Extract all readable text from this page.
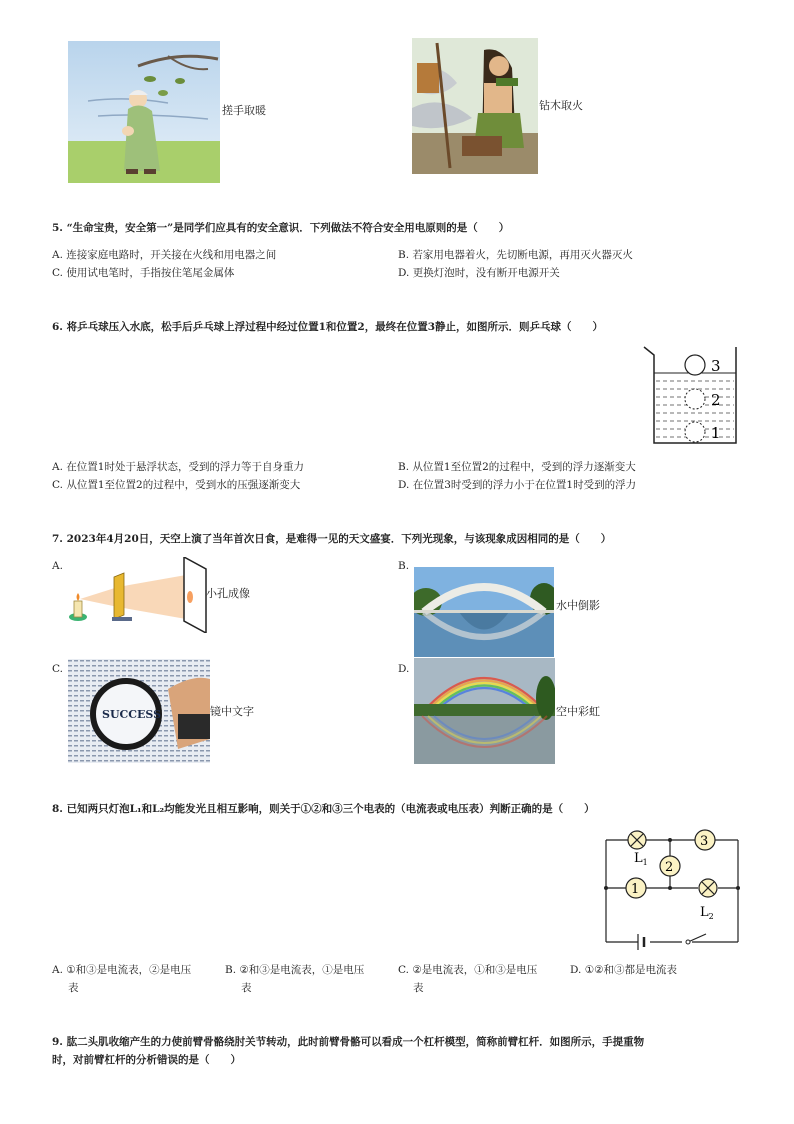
搓手取暖	钻木取火
5. “生命宝贵，安全第一”是同学们应具有的安全意识．下列做法不符合安全用电原则的是（　　）
A. 连接家庭电路时，开关接在火线和用电器之间	B. 若家用电器着火，先切断电源，再用灭火器灭火
C. 使用试电笔时，手指按住笔尾金属体	D. 更换灯泡时，没有断开电源开关
6. 将乒乓球压入水底，松手后乒乓球上浮过程中经过位置1和位置2，最终在位置3静止，如图所示．则乒乓球（　　）
3
2
1
A. 在位置1时处于悬浮状态，受到的浮力等于自身重力	B. 从位置1至位置2的过程中，受到的浮力逐渐变大
C. 从位置1至位置2的过程中，受到水的压强逐渐变大	D. 在位置3时受到的浮力小于在位置1时受到的浮力
7. 2023年4月20日，天空上演了当年首次日食，是难得一见的天文盛宴．下列光现象，与该现象成因相同的是（　　）
A.
小孔成像
B.
水中倒影
C.
SUCCESS	镜中文字
D.
空中彩虹
8. 已知两只灯泡L₁和L₂均能发光且相互影响，则关于①②和③三个电表的（电流表或电压表）判断正确的是（　　）
3
2
1
$L_1$
$L_2$
A. ①和③是电流表，②是电压
表
B. ②和③是电流表，①是电压
表
C. ②是电流表，①和③是电压
表
D. ①②和③都是电流表
9. 肱二头肌收缩产生的力使前臂骨骼绕肘关节转动，此时前臂骨骼可以看成一个杠杆模型，简称前臂杠杆．如图所示，手提重物
时，对前臂杠杆的分析错误的是（　　）
